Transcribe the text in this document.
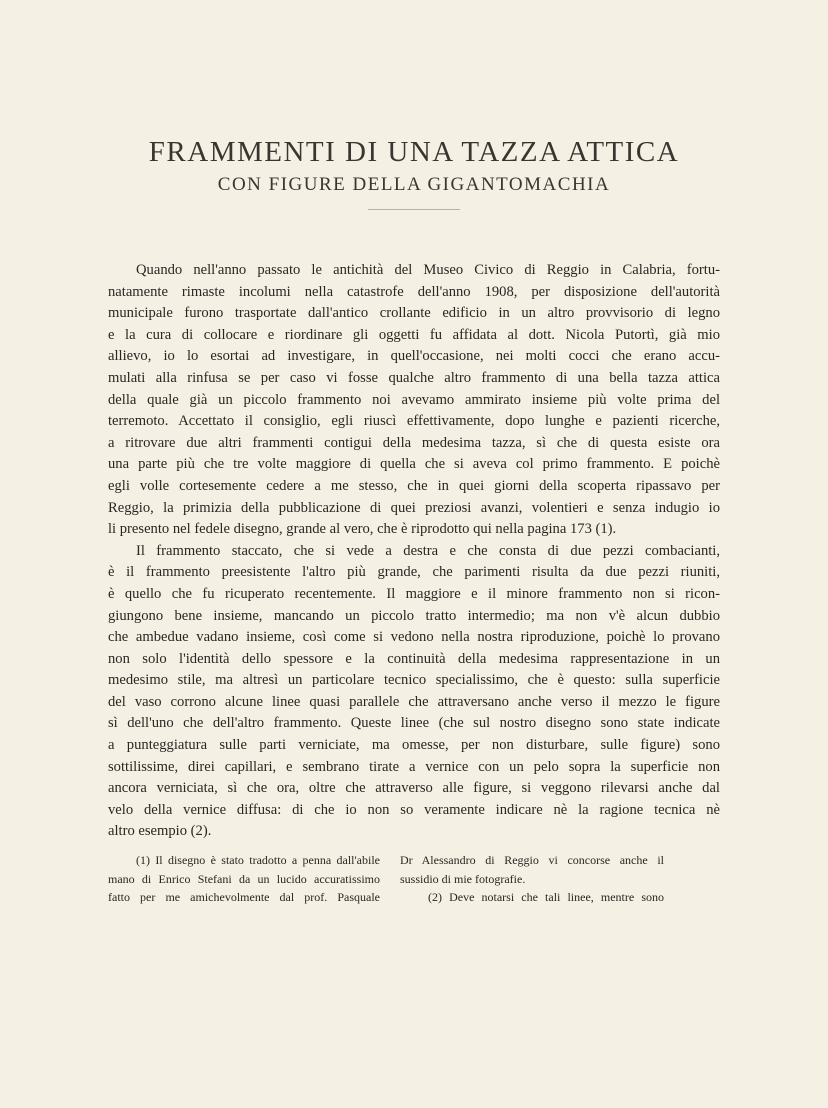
FRAMMENTI DI UNA TAZZA ATTICA
CON FIGURE DELLA GIGANTOMACHIA
Quando nell'anno passato le antichità del Museo Civico di Reggio in Calabria, fortu-
natamente rimaste incolumi nella catastrofe dell'anno 1908, per disposizione dell'autorità
municipale furono trasportate dall'antico crollante edificio in un altro provvisorio di legno
e la cura di collocare e riordinare gli oggetti fu affidata al dott. Nicola Putortì, già mio
allievo, io lo esortai ad investigare, in quell'occasione, nei molti cocci che erano accu-
mulati alla rinfusa se per caso vi fosse qualche altro frammento di una bella tazza attica
della quale già un piccolo frammento noi avevamo ammirato insieme più volte prima del
terremoto. Accettato il consiglio, egli riuscì effettivamente, dopo lunghe e pazienti ricerche,
a ritrovare due altri frammenti contigui della medesima tazza, sì che di questa esiste ora
una parte più che tre volte maggiore di quella che si aveva col primo frammento. E poichè
egli volle cortesemente cedere a me stesso, che in quei giorni della scoperta ripassavo per
Reggio, la primizia della pubblicazione di quei preziosi avanzi, volentieri e senza indugio io
li presento nel fedele disegno, grande al vero, che è riprodotto qui nella pagina 173 (1).
Il frammento staccato, che si vede a destra e che consta di due pezzi combacianti,
è il frammento preesistente l'altro più grande, che parimenti risulta da due pezzi riuniti,
è quello che fu ricuperato recentemente. Il maggiore e il minore frammento non si ricon-
giungono bene insieme, mancando un piccolo tratto intermedio; ma non v'è alcun dubbio
che ambedue vadano insieme, così come si vedono nella nostra riproduzione, poichè lo provano
non solo l'identità dello spessore e la continuità della medesima rappresentazione in un
medesimo stile, ma altresì un particolare tecnico specialissimo, che è questo: sulla superficie
del vaso corrono alcune linee quasi parallele che attraversano anche verso il mezzo le figure
sì dell'uno che dell'altro frammento. Queste linee (che sul nostro disegno sono state indicate
a punteggiatura sulle parti verniciate, ma omesse, per non disturbare, sulle figure) sono
sottilissime, direi capillari, e sembrano tirate a vernice con un pelo sopra la superficie non
ancora verniciata, sì che ora, oltre che attraverso alle figure, si veggono rilevarsi anche dal
velo della vernice diffusa: di che io non so veramente indicare nè la ragione tecnica nè
altro esempio (2).
(1) Il disegno è stato tradotto a penna dall'abile
mano di Enrico Stefani da un lucido accuratissimo
fatto per me amichevolmente dal prof. Pasquale
Dr Alessandro di Reggio vi concorse anche il
sussidio di mie fotografie.
(2) Deve notarsi che tali linee, mentre sono
